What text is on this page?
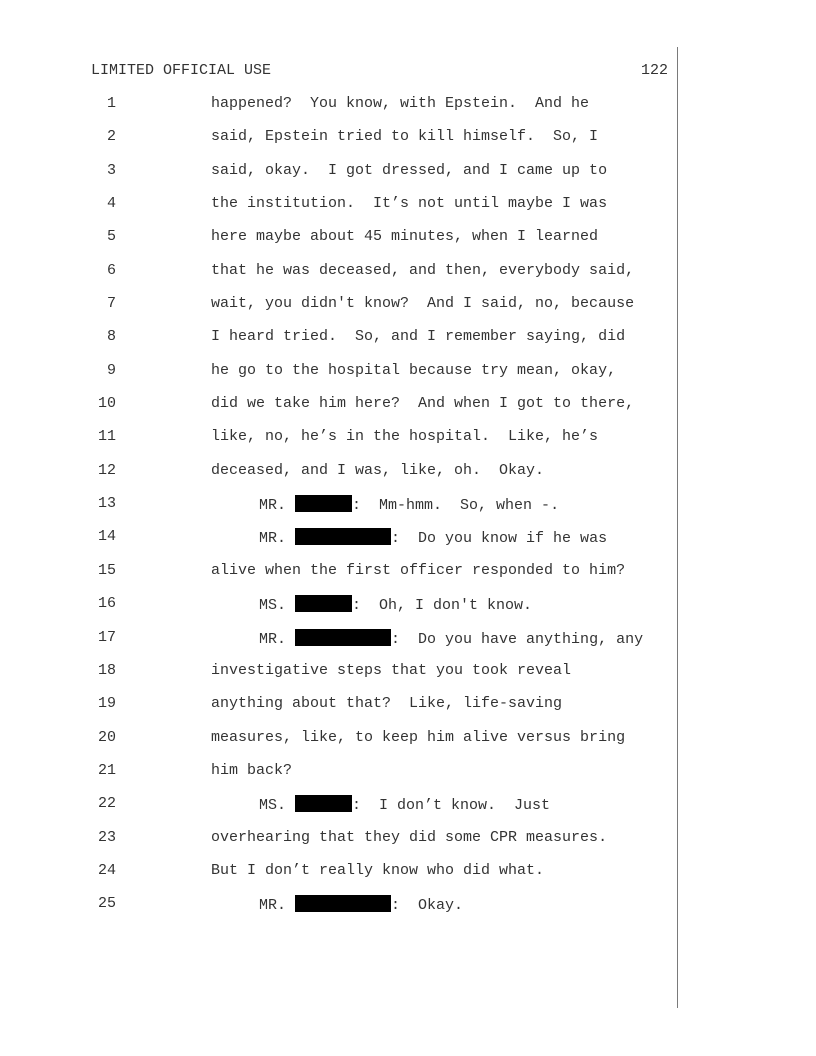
LIMITED OFFICIAL USE	122
1	happened?  You know, with Epstein.  And he
2	said, Epstein tried to kill himself.  So, I
3	said, okay.  I got dressed, and I came up to
4	the institution.  It’s not until maybe I was
5	here maybe about 45 minutes, when I learned
6	that he was deceased, and then, everybody said,
7	wait, you didn't know?  And I said, no, because
8	I heard tried.  So, and I remember saying, did
9	he go to the hospital because try mean, okay,
10	did we take him here?  And when I got to there,
11	like, no, he’s in the hospital.  Like, he’s
12	deceased, and I was, like, oh.  Okay.
13	MR.	:  Mm-hmm.  So, when -.
14	MR.	:  Do you know if he was
15	alive when the first officer responded to him?
16	MS.	:  Oh, I don't know.
17	MR.	:  Do you have anything, any
18	investigative steps that you took reveal
19	anything about that?  Like, life-saving
20	measures, like, to keep him alive versus bring
21	him back?
22	MS.	:  I don’t know.  Just
23	overhearing that they did some CPR measures.
24	But I don’t really know who did what.
25	MR.	:  Okay.
